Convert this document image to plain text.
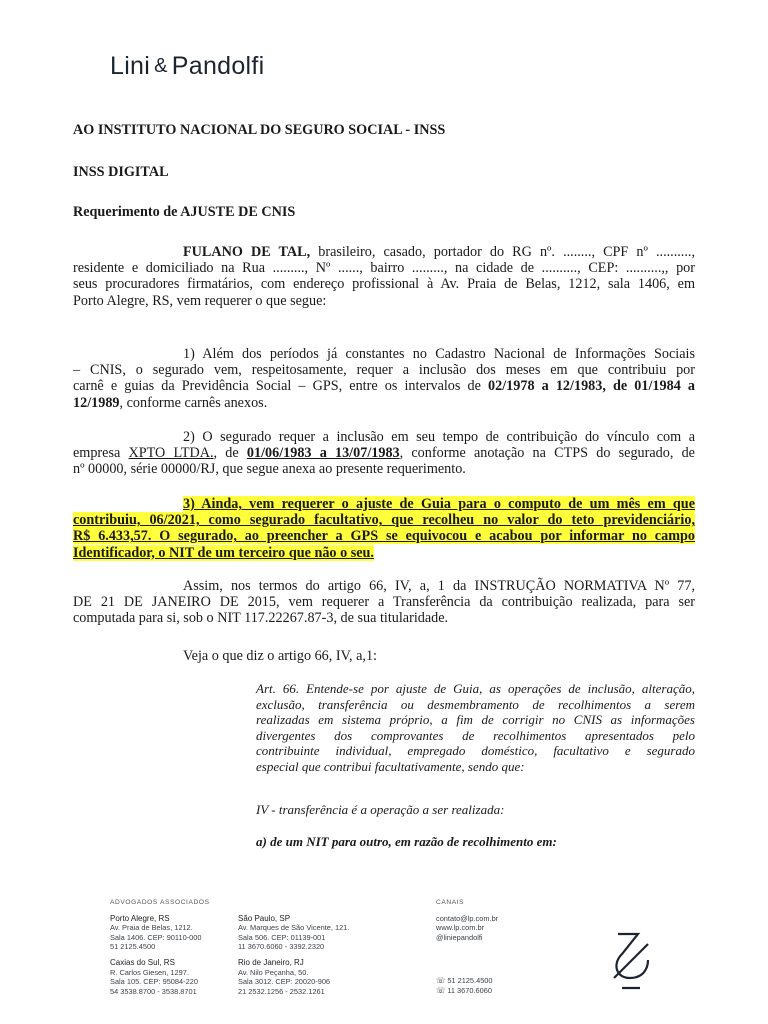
Lini & Pandolfi

AO INSTITUTO NACIONAL DO SEGURO SOCIAL - INSS

INSS DIGITAL

Requerimento de AJUSTE DE CNIS

FULANO DE TAL, brasileiro, casado, portador do RG nº. ........, CPF nº ..........,
residente e domiciliado na Rua ........., Nº ......, bairro ........., na cidade de .........., CEP: ..........,, por
seus procuradores firmatários, com endereço profissional à Av. Praia de Belas, 1212, sala 1406, em
Porto Alegre, RS, vem requerer o que segue:
1) Além dos períodos já constantes no Cadastro Nacional de Informações Sociais
– CNIS, o segurado vem, respeitosamente, requer a inclusão dos meses em que contribuiu por
carnê e guias da Previdência Social – GPS, entre os intervalos de 02/1978 a 12/1983, de 01/1984 a
12/1989, conforme carnês anexos.
2) O segurado requer a inclusão em seu tempo de contribuição do vínculo com a
empresa XPTO LTDA., de 01/06/1983 a 13/07/1983, conforme anotação na CTPS do segurado, de
nº 00000, série 00000/RJ, que segue anexa ao presente requerimento.
3) Ainda, vem requerer o ajuste de Guia para o computo de um mês em que
contribuiu, 06/2021, como segurado facultativo, que recolheu no valor do teto previdenciário,
R$ 6.433,57. O segurado, ao preencher a GPS se equivocou e acabou por informar no campo
Identificador, o NIT de um terceiro que não o seu.
Assim, nos termos do artigo 66, IV, a, 1 da INSTRUÇÃO NORMATIVA Nº 77,
DE 21 DE JANEIRO DE 2015, vem requerer a Transferência da contribuição realizada, para ser
computada para si, sob o NIT 117.22267.87-3, de sua titularidade.

Veja o que diz o artigo 66, IV, a,1:

Art. 66. Entende-se por ajuste de Guia, as operações de inclusão, alteração,
exclusão, transferência ou desmembramento de recolhimentos a serem
realizadas em sistema próprio, a fim de corrigir no CNIS as informações
divergentes dos comprovantes de recolhimentos apresentados pelo
contribuinte individual, empregado doméstico, facultativo e segurado
especial que contribui facultativamente, sendo que:

IV - transferência é a operação a ser realizada:

a) de um NIT para outro, em razão de recolhimento em:

ADVOGADOS ASSOCIADOS
Porto Alegre, RS
Av. Praia de Belas, 1212.
Sala 1406. CEP: 90110-000
51 2125.4500
Caxias do Sul, RS
R. Carlos Giesen, 1297.
Sala 105. CEP: 95084-220
54 3538.8700 - 3538.8701
São Paulo, SP
Av. Marques de São Vicente, 121.
Sala 506. CEP: 01139-001
11 3670.6060 - 3392.2320
Rio de Janeiro, RJ
Av. Nilo Peçanha, 50.
Sala 3012. CEP: 20020-906
21 2532.1256 - 2532.1261
CANAIS
contato@lp.com.br
www.lp.com.br
@liniepandolfi
☏ 51 2125.4500
☏ 11 3670.6060
